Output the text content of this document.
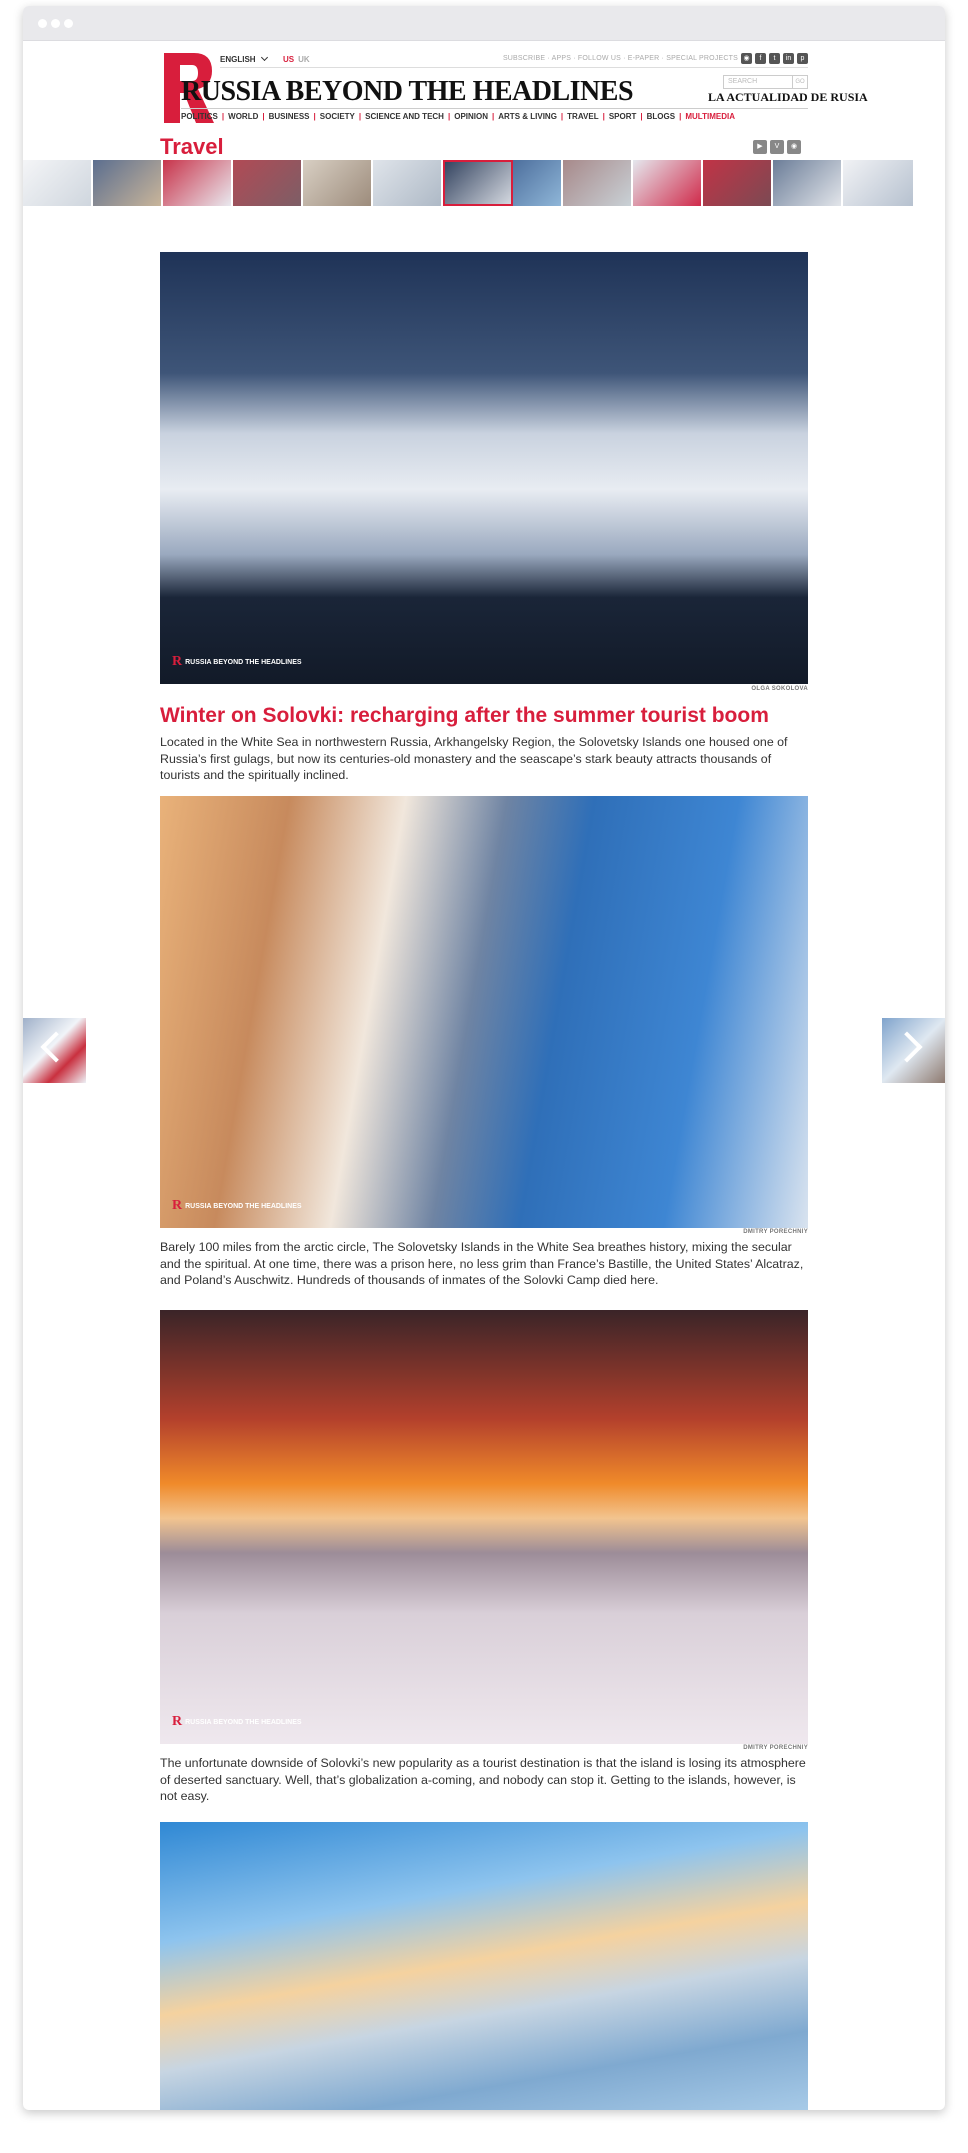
ENGLISH	US UK	SUBSCRIBE · APPS · FOLLOW US · E-PAPER · SPECIAL PROJECTS ◉	f	t	in	p
SEARCH	GO
RUSSIA BEYOND THE HEADLINES	LA ACTUALIDAD DE RUSIA
POLITICS | WORLD | BUSINESS | SOCIETY | SCIENCE AND TECH | OPINION | ARTS & LIVING | TRAVEL | SPORT | BLOGS | MULTIMEDIA
Travel	▶	V	◉
R RUSSIA BEYOND THE HEADLINES
OLGA SOKOLOVA
Winter on Solovki: recharging after the summer tourist boom
Located in the White Sea in northwestern Russia, Arkhangelsky Region, the Solovetsky Islands one housed one of Russia’s first gulags, but now its centuries-old monastery and the seascape’s stark beauty attracts thousands of tourists and the spiritually inclined.
R RUSSIA BEYOND THE HEADLINES
DMITRY PORECHNIY
Barely 100 miles from the arctic circle, The Solovetsky Islands in the White Sea breathes history, mixing the secular and the spiritual. At one time, there was a prison here, no less grim than France’s Bastille, the United States’ Alcatraz, and Poland’s Auschwitz. Hundreds of thousands of inmates of the Solovki Camp died here.
R RUSSIA BEYOND THE HEADLINES
DMITRY PORECHNIY
The unfortunate downside of Solovki’s new popularity as a tourist destination is that the island is losing its atmosphere of deserted sanctuary. Well, that’s globalization a-coming, and nobody can stop it. Getting to the islands, however, is not easy.
